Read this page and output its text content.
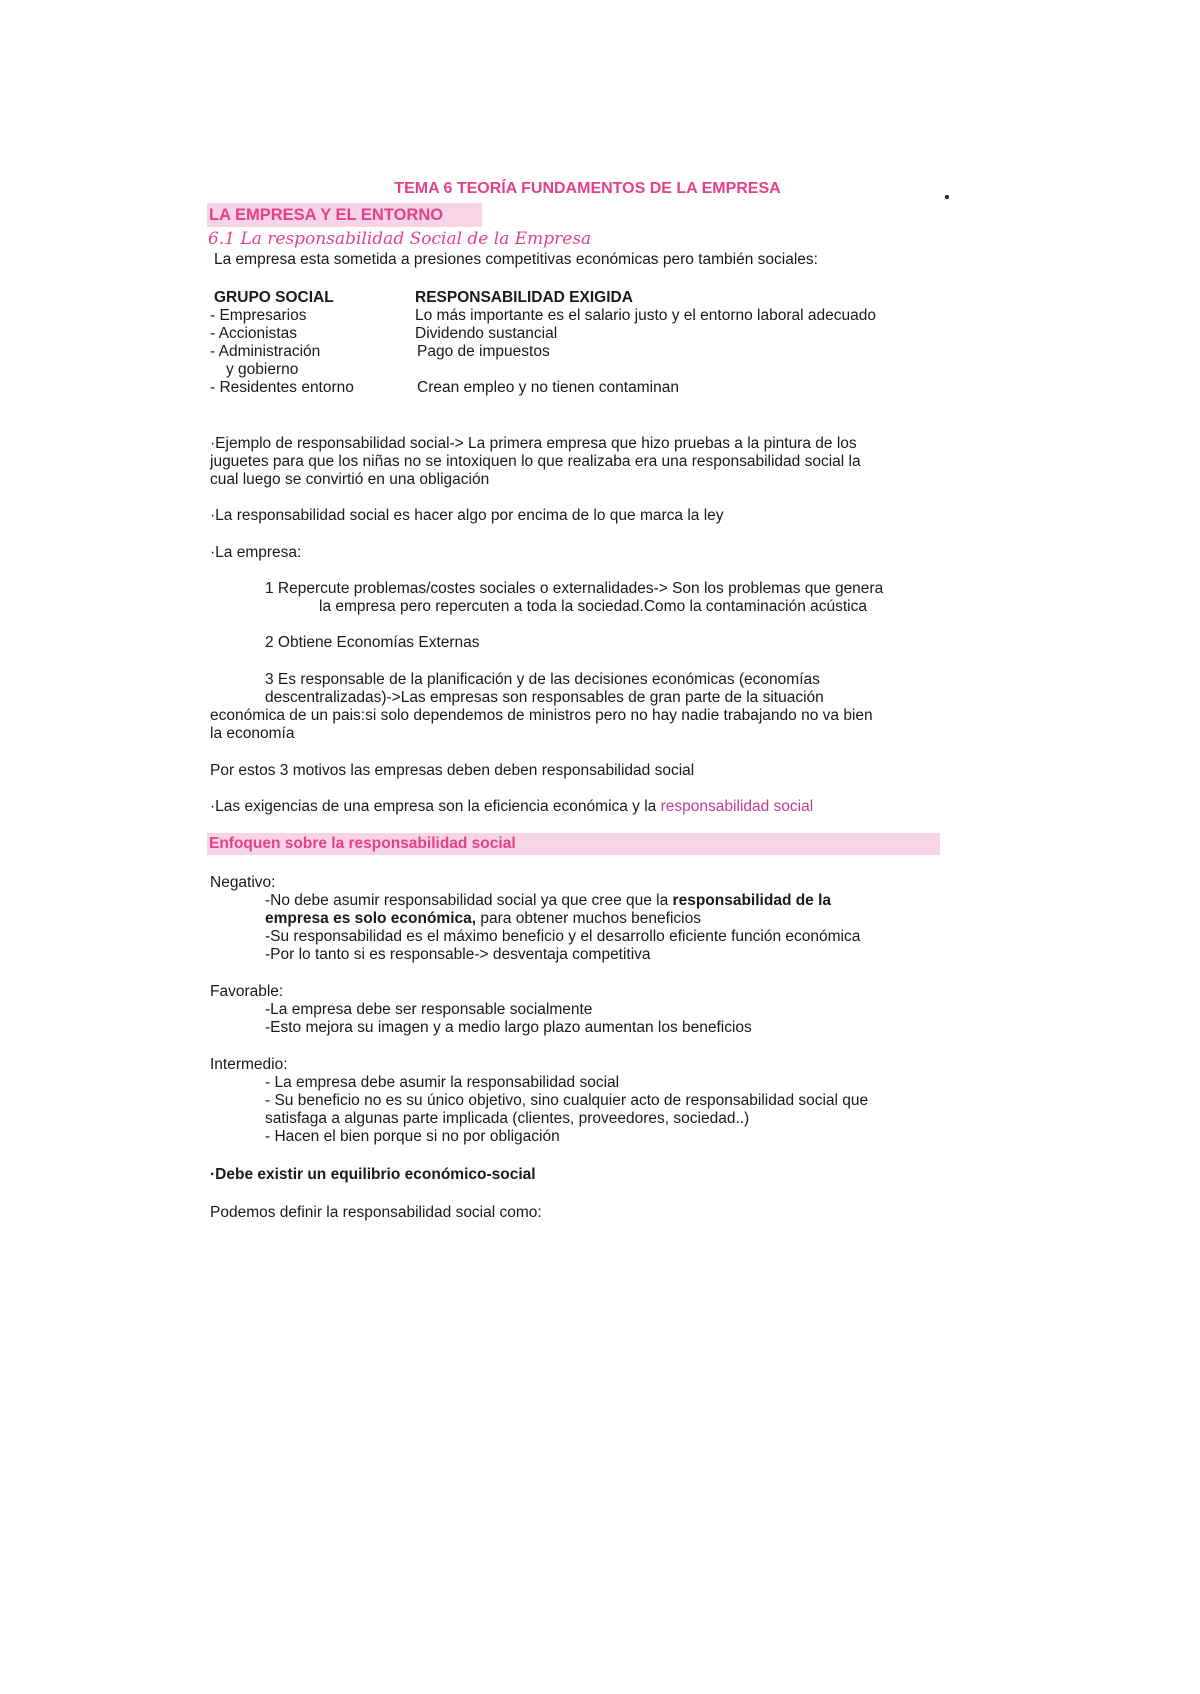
TEMA 6 TEORÍA FUNDAMENTOS DE LA EMPRESA
LA EMPRESA Y EL ENTORNO
6.1 La responsabilidad Social de la Empresa
La empresa esta sometida a presiones competitivas económicas pero también sociales:
GRUPO SOCIAL	RESPONSABILIDAD EXIGIDA
- Empresarios	Lo más importante es el salario justo y el entorno laboral adecuado
- Accionistas	Dividendo sustancial
- Administración	Pago de impuestos
y gobierno
- Residentes entorno	Crean empleo y no tienen contaminan
·Ejemplo de responsabilidad social-> La primera empresa que hizo pruebas a la pintura de los
juguetes para que los niñas no se intoxiquen lo que realizaba era una responsabilidad social la
cual luego se convirtió en una obligación
·La responsabilidad social es hacer algo por encima de lo que marca la ley
·La empresa:
1 Repercute problemas/costes sociales o externalidades-> Son los problemas que genera
la empresa pero repercuten a toda la sociedad.Como la contaminación acústica
2 Obtiene Economías Externas
3 Es responsable de la planificación y de las decisiones económicas (economías
descentralizadas)->Las empresas son responsables de gran parte de la situación
económica de un pais:si solo dependemos de ministros pero no hay nadie trabajando no va bien
la economía
Por estos 3 motivos las empresas deben deben responsabilidad social
·Las exigencias de una empresa son la eficiencia económica y la responsabilidad social
Enfoquen sobre la responsabilidad social
Negativo:
-No debe asumir responsabilidad social ya que cree que la responsabilidad de la
empresa es solo económica, para obtener muchos beneficios
-Su responsabilidad es el máximo beneficio y el desarrollo eficiente función económica
-Por lo tanto si es responsable-> desventaja competitiva
Favorable:
-La empresa debe ser responsable socialmente
-Esto mejora su imagen y a medio largo plazo aumentan los beneficios
Intermedio:
- La empresa debe asumir la responsabilidad social
- Su beneficio no es su único objetivo, sino cualquier acto de responsabilidad social que
satisfaga a algunas parte implicada (clientes, proveedores, sociedad..)
- Hacen el bien porque si no por obligación
·Debe existir un equilibrio económico-social
Podemos definir la responsabilidad social como:
